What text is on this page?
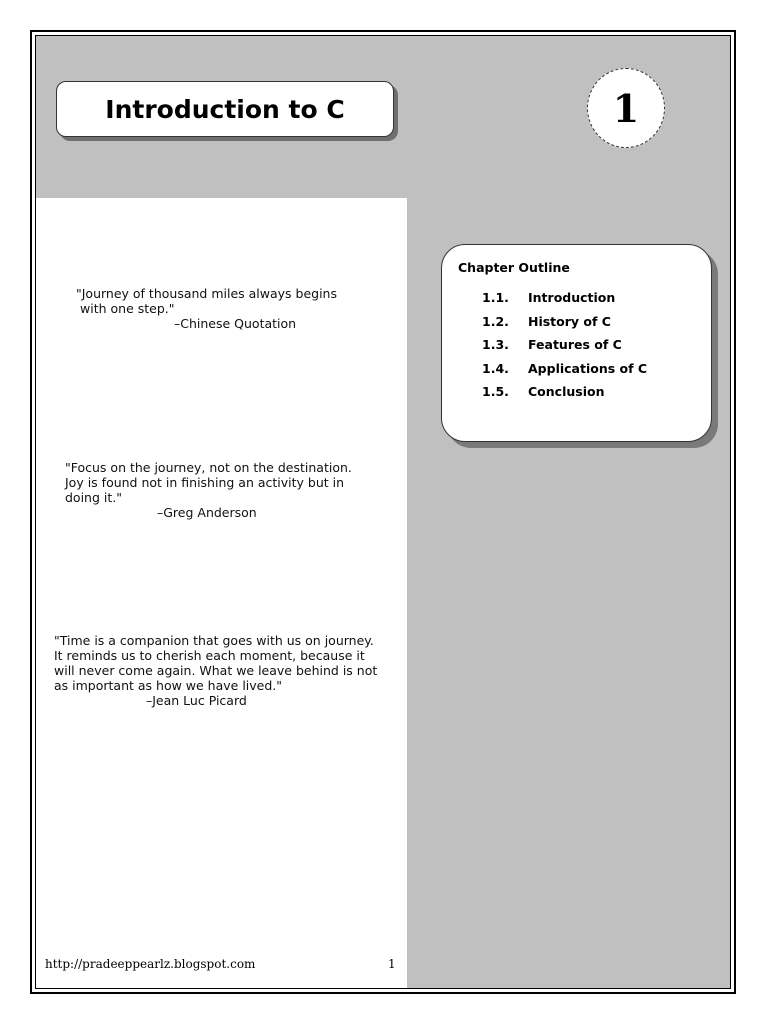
Introduction to C	1
"Journey of thousand miles always begins
with one step."
–Chinese Quotation
"Focus on the journey, not on the destination.
Joy is found not in finishing an activity but in
doing it."
–Greg Anderson
"Time is a companion that goes with us on journey.
It reminds us to cherish each moment, because it
will never come again. What we leave behind is not
as important as how we have lived."
–Jean Luc Picard
Chapter Outline
1.1.	Introduction
1.2.	History of C
1.3.	Features of C
1.4.	Applications of C
1.5.	Conclusion
http://pradeeppearlz.blogspot.com	1
